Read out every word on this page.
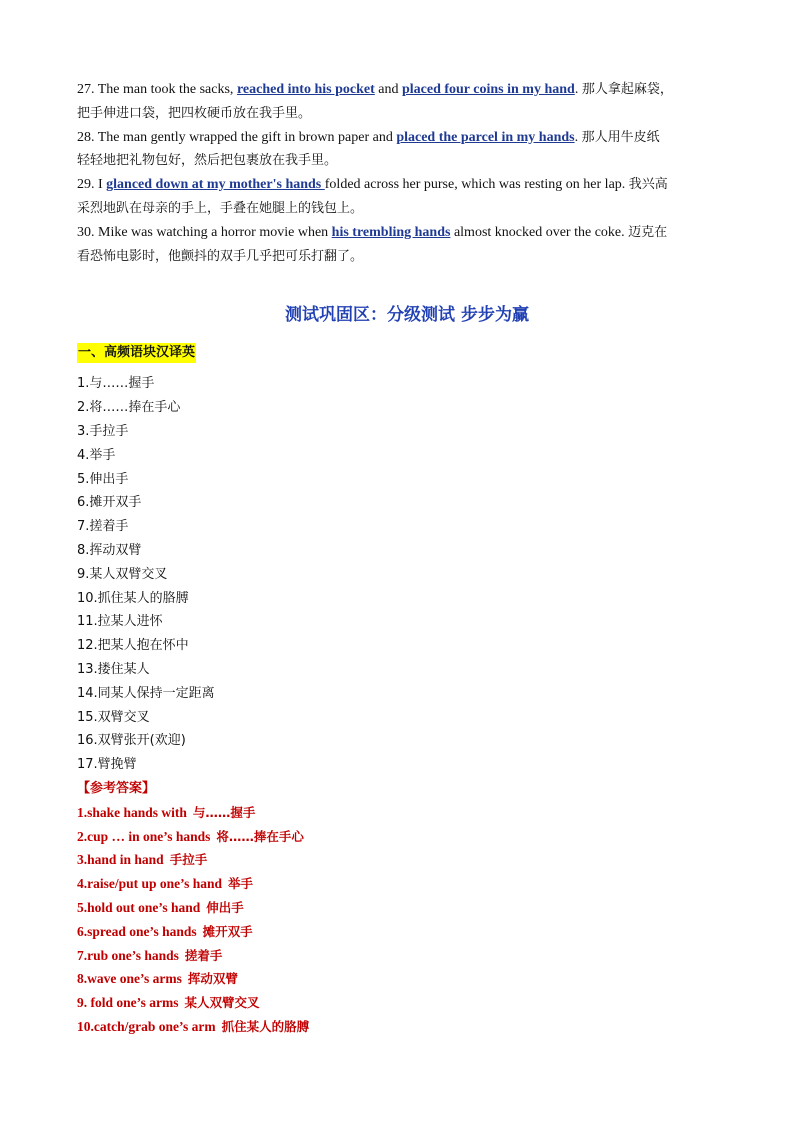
27. The man took the sacks, reached into his pocket and placed four coins in my hand. 那人拿起麻袋，
把手伸进口袋，把四枚硬币放在我手里。
28. The man gently wrapped the gift in brown paper and placed the parcel in my hands. 那人用牛皮纸
轻轻地把礼物包好，然后把包裹放在我手里。
29. I glanced down at my mother's hands folded across her purse, which was resting on her lap. 我兴高
采烈地趴在母亲的手上，手叠在她腿上的钱包上。
30. Mike was watching a horror movie when his trembling hands almost knocked over the coke. 迈克在
看恐怖电影时，他颤抖的双手几乎把可乐打翻了。
测试巩固区：分级测试 步步为赢
一、高频语块汉译英
1.与……握手
2.将……捧在手心
3.手拉手
4.举手
5.伸出手
6.摊开双手
7.搓着手
8.挥动双臂
9.某人双臂交叉
10.抓住某人的胳膊
11.拉某人进怀
12.把某人抱在怀中
13.搂住某人
14.同某人保持一定距离
15.双臂交叉
16.双臂张开(欢迎)
17.臂挽臂
【参考答案】
1.shake hands with 与……握手
2.cup … in one’s hands 将……捧在手心
3.hand in hand 手拉手
4.raise/put up one’s hand 举手
5.hold out one’s hand 伸出手
6.spread one’s hands 摊开双手
7.rub one’s hands 搓着手
8.wave one’s arms 挥动双臂
9. fold one’s arms 某人双臂交叉
10.catch/grab one’s arm 抓住某人的胳膊
